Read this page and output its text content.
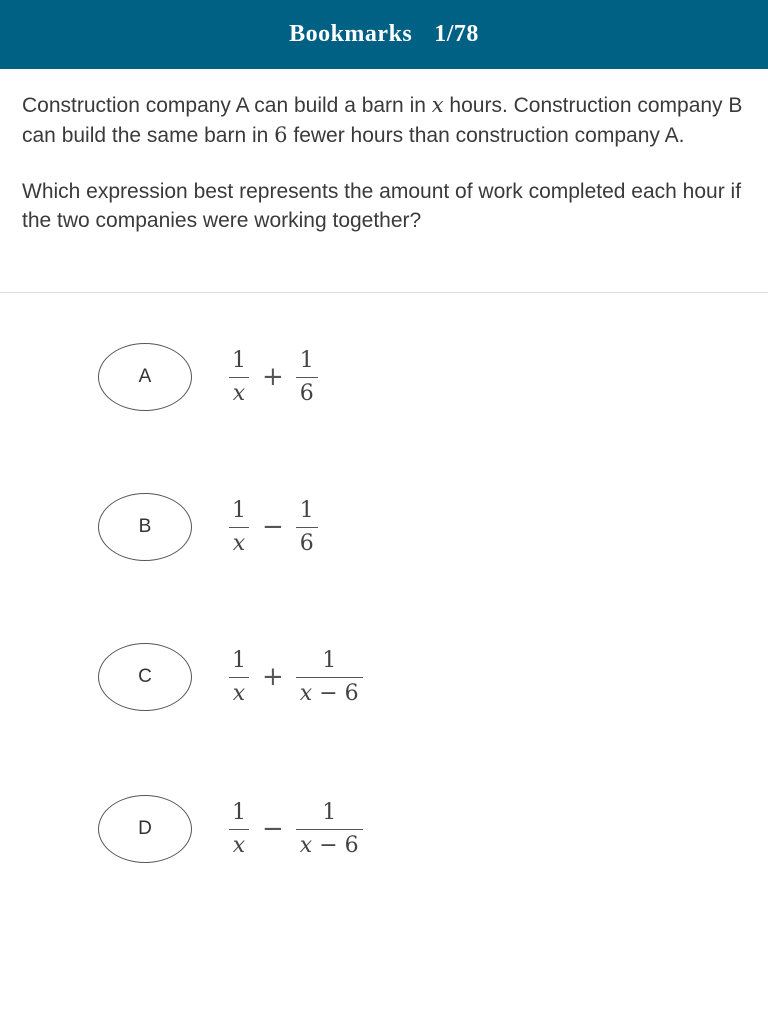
Bookmarks 1/78

Construction company A can build a barn in x hours. Construction company B can build the same barn in 6 fewer hours than construction company A.

Which expression best represents the amount of work completed each hour if the two companies were working together?

A	$\frac{1}{x} + \frac{1}{6}$
B	$\frac{1}{x} - \frac{1}{6}$
C	$\frac{1}{x} + \frac{1}{x - 6}$
D	$\frac{1}{x} - \frac{1}{x - 6}$
